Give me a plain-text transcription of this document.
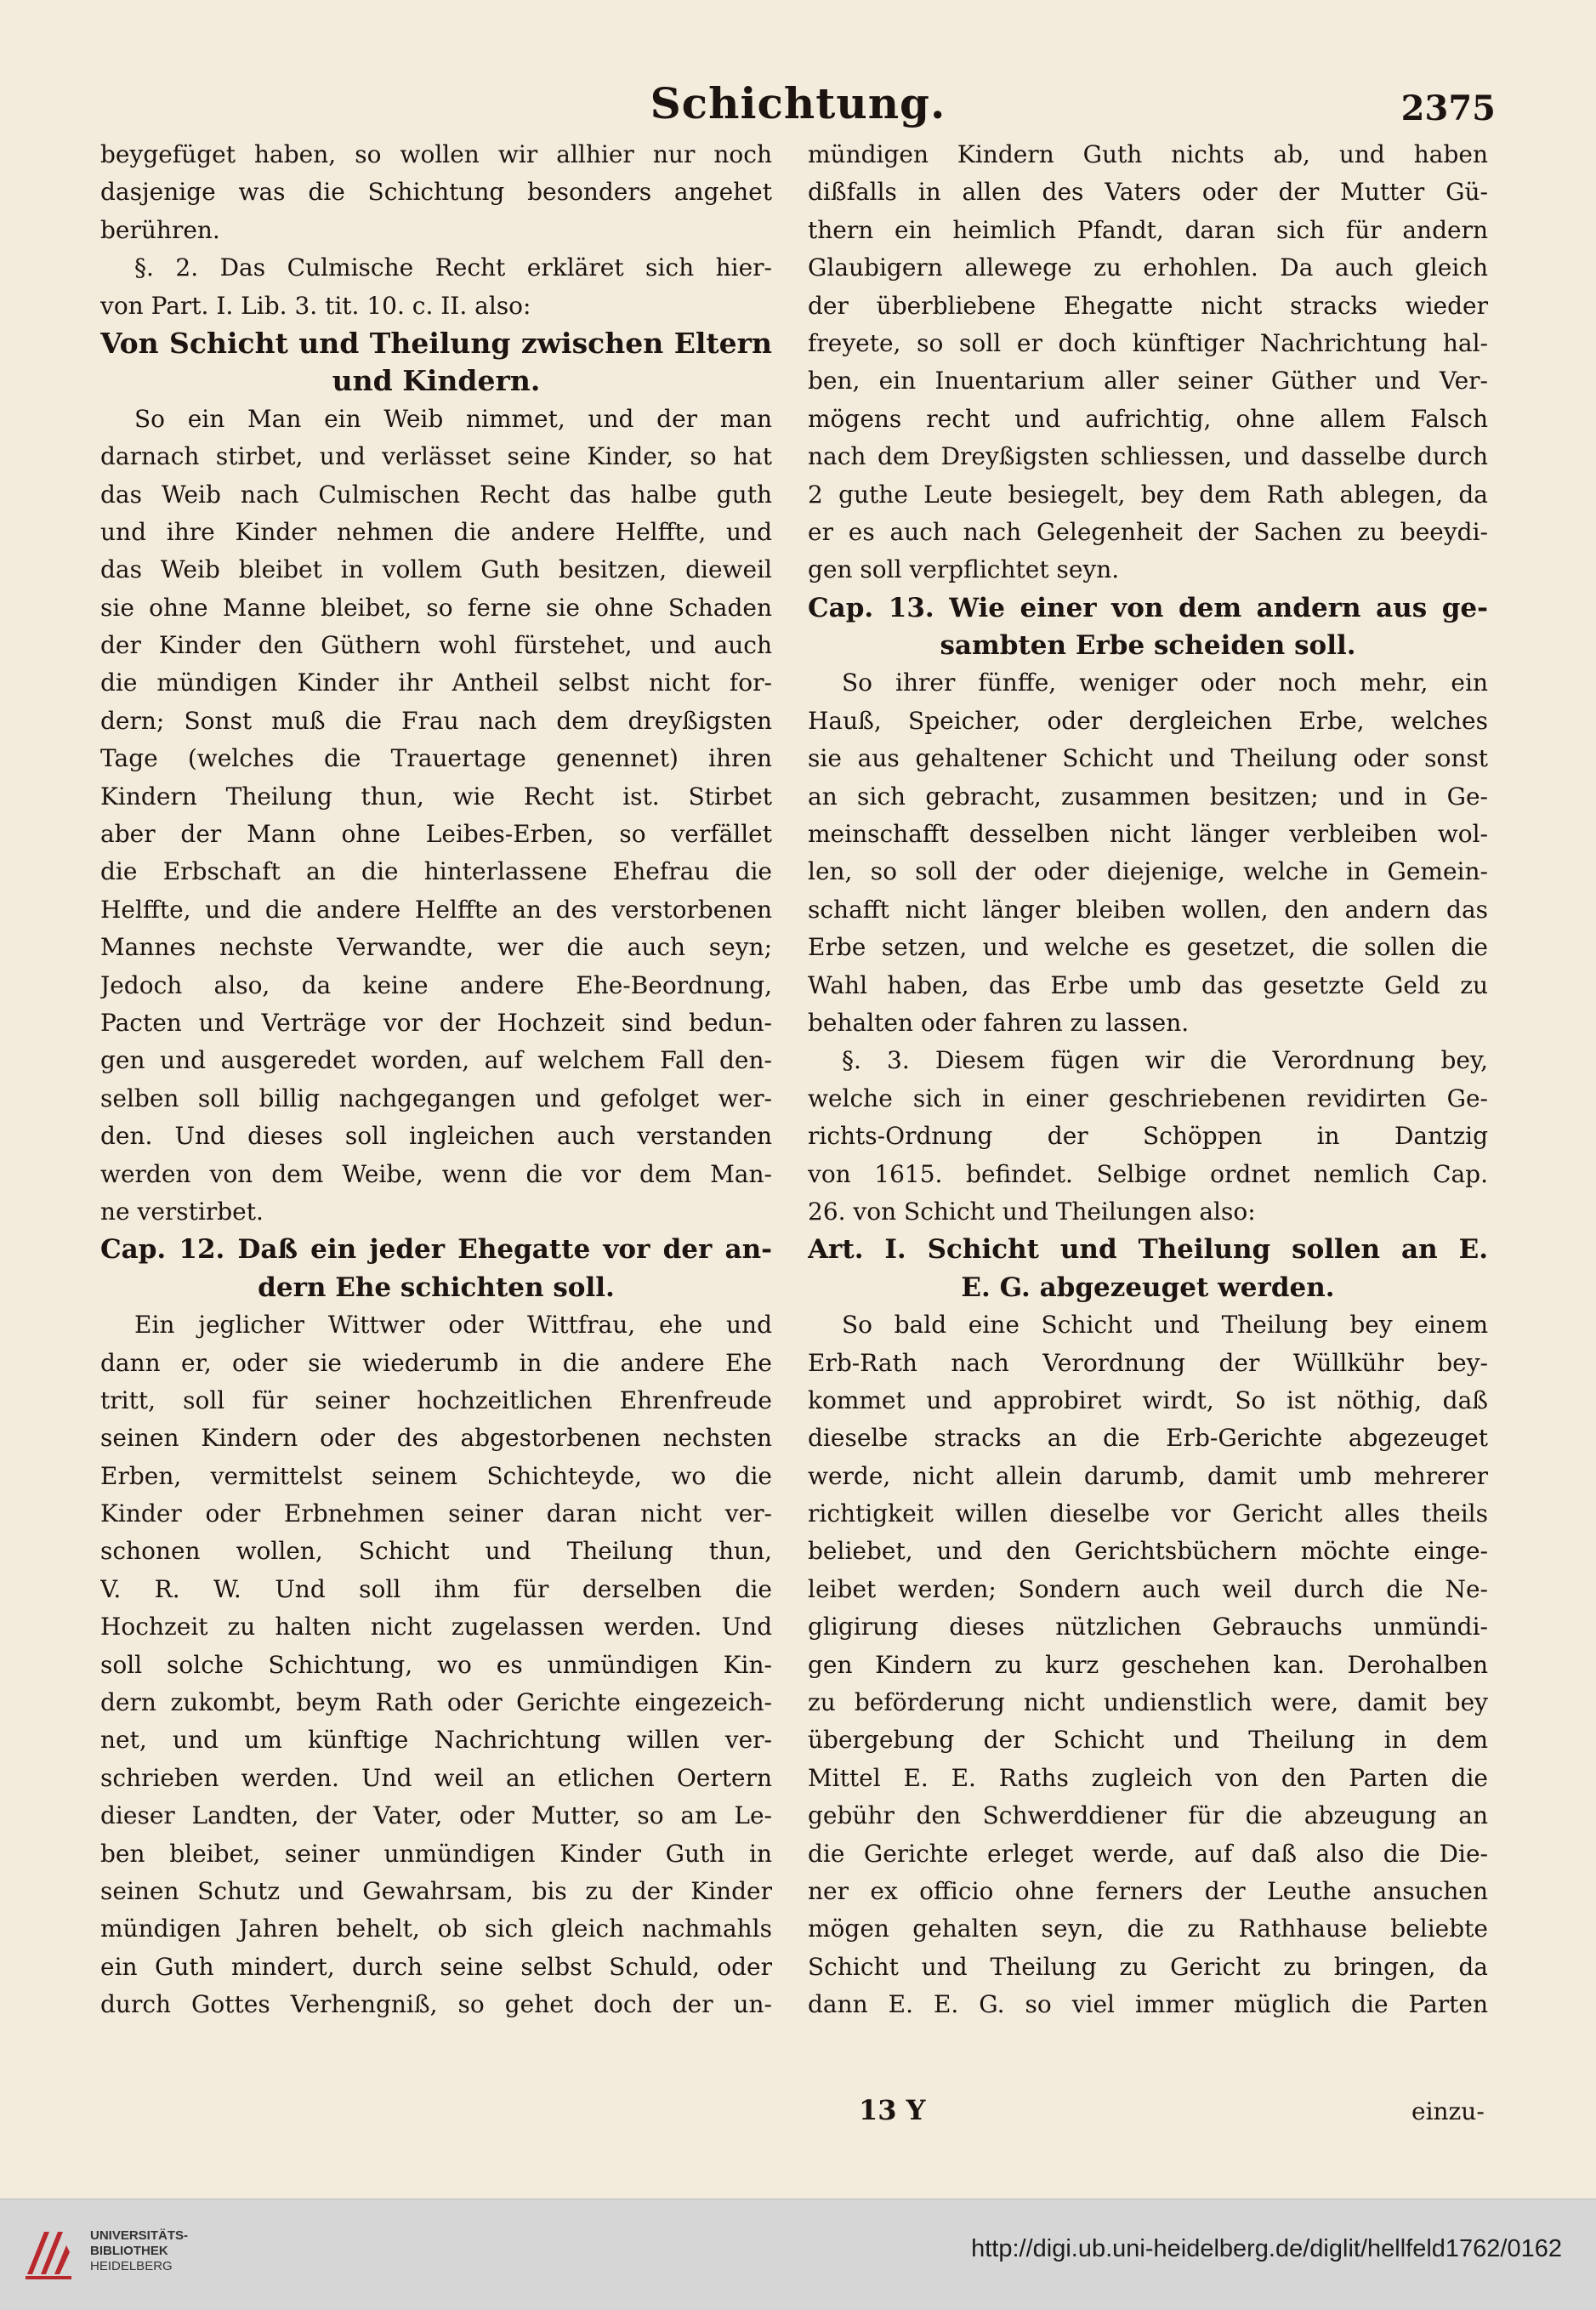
Schichtung.	2375
beygefüget haben, so wollen wir allhier nur noch
dasjenige was die Schichtung besonders angehet
berühren.
§. 2. Das Culmische Recht erkläret sich hier-
von Part. I. Lib. 3. tit. 10. c. II. also:
Von Schicht und Theilung zwischen Eltern
und Kindern.
So ein Man ein Weib nimmet, und der man
darnach stirbet, und verlässet seine Kinder, so hat
das Weib nach Culmischen Recht das halbe guth
und ihre Kinder nehmen die andere Helffte, und
das Weib bleibet in vollem Guth besitzen, dieweil
sie ohne Manne bleibet, so ferne sie ohne Schaden
der Kinder den Güthern wohl fürstehet, und auch
die mündigen Kinder ihr Antheil selbst nicht for-
dern; Sonst muß die Frau nach dem dreyßigsten
Tage (welches die Trauertage genennet) ihren
Kindern Theilung thun, wie Recht ist. Stirbet
aber der Mann ohne Leibes-Erben, so verfället
die Erbschaft an die hinterlassene Ehefrau die
Helffte, und die andere Helffte an des verstorbenen
Mannes nechste Verwandte, wer die auch seyn;
Jedoch also, da keine andere Ehe-Beordnung,
Pacten und Verträge vor der Hochzeit sind bedun-
gen und ausgeredet worden, auf welchem Fall den-
selben soll billig nachgegangen und gefolget wer-
den. Und dieses soll ingleichen auch verstanden
werden von dem Weibe, wenn die vor dem Man-
ne verstirbet.
Cap. 12. Daß ein jeder Ehegatte vor der an-
dern Ehe schichten soll.
Ein jeglicher Wittwer oder Wittfrau, ehe und
dann er, oder sie wiederumb in die andere Ehe
tritt, soll für seiner hochzeitlichen Ehrenfreude
seinen Kindern oder des abgestorbenen nechsten
Erben, vermittelst seinem Schichteyde, wo die
Kinder oder Erbnehmen seiner daran nicht ver-
schonen wollen, Schicht und Theilung thun,
V. R. W. Und soll ihm für derselben die
Hochzeit zu halten nicht zugelassen werden. Und
soll solche Schichtung, wo es unmündigen Kin-
dern zukombt, beym Rath oder Gerichte eingezeich-
net, und um künftige Nachrichtung willen ver-
schrieben werden. Und weil an etlichen Oertern
dieser Landten, der Vater, oder Mutter, so am Le-
ben bleibet, seiner unmündigen Kinder Guth in
seinen Schutz und Gewahrsam, bis zu der Kinder
mündigen Jahren behelt, ob sich gleich nachmahls
ein Guth mindert, durch seine selbst Schuld, oder
durch Gottes Verhengniß, so gehet doch der un-
mündigen Kindern Guth nichts ab, und haben
dißfalls in allen des Vaters oder der Mutter Gü-
thern ein heimlich Pfandt, daran sich für andern
Glaubigern allewege zu erhohlen. Da auch gleich
der überbliebene Ehegatte nicht stracks wieder
freyete, so soll er doch künftiger Nachrichtung hal-
ben, ein Inuentarium aller seiner Güther und Ver-
mögens recht und aufrichtig, ohne allem Falsch
nach dem Dreyßigsten schliessen, und dasselbe durch
2 guthe Leute besiegelt, bey dem Rath ablegen, da
er es auch nach Gelegenheit der Sachen zu beeydi-
gen soll verpflichtet seyn.
Cap. 13. Wie einer von dem andern aus ge-
sambten Erbe scheiden soll.
So ihrer fünffe, weniger oder noch mehr, ein
Hauß, Speicher, oder dergleichen Erbe, welches
sie aus gehaltener Schicht und Theilung oder sonst
an sich gebracht, zusammen besitzen; und in Ge-
meinschafft desselben nicht länger verbleiben wol-
len, so soll der oder diejenige, welche in Gemein-
schafft nicht länger bleiben wollen, den andern das
Erbe setzen, und welche es gesetzet, die sollen die
Wahl haben, das Erbe umb das gesetzte Geld zu
behalten oder fahren zu lassen.
§. 3. Diesem fügen wir die Verordnung bey,
welche sich in einer geschriebenen revidirten Ge-
richts-Ordnung der Schöppen in Dantzig
von 1615. befindet. Selbige ordnet nemlich Cap.
26. von Schicht und Theilungen also:
Art. I. Schicht und Theilung sollen an E.
E. G. abgezeuget werden.
So bald eine Schicht und Theilung bey einem
Erb-Rath nach Verordnung der Wüllkühr bey-
kommet und approbiret wirdt, So ist nöthig, daß
dieselbe stracks an die Erb-Gerichte abgezeuget
werde, nicht allein darumb, damit umb mehrerer
richtigkeit willen dieselbe vor Gericht alles theils
beliebet, und den Gerichtsbüchern möchte einge-
leibet werden; Sondern auch weil durch die Ne-
gligirung dieses nützlichen Gebrauchs unmündi-
gen Kindern zu kurz geschehen kan. Derohalben
zu beförderung nicht undienstlich were, damit bey
übergebung der Schicht und Theilung in dem
Mittel E. E. Raths zugleich von den Parten die
gebühr den Schwerddiener für die abzeugung an
die Gerichte erleget werde, auf daß also die Die-
ner ex officio ohne ferners der Leuthe ansuchen
mögen gehalten seyn, die zu Rathhause beliebte
Schicht und Theilung zu Gericht zu bringen, da
dann E. E. G. so viel immer müglich die Parten
13 Y	einzu-
UNIVERSITÄTS-
BIBLIOTHEK
HEIDELBERG
http://digi.ub.uni-heidelberg.de/diglit/hellfeld1762/0162
